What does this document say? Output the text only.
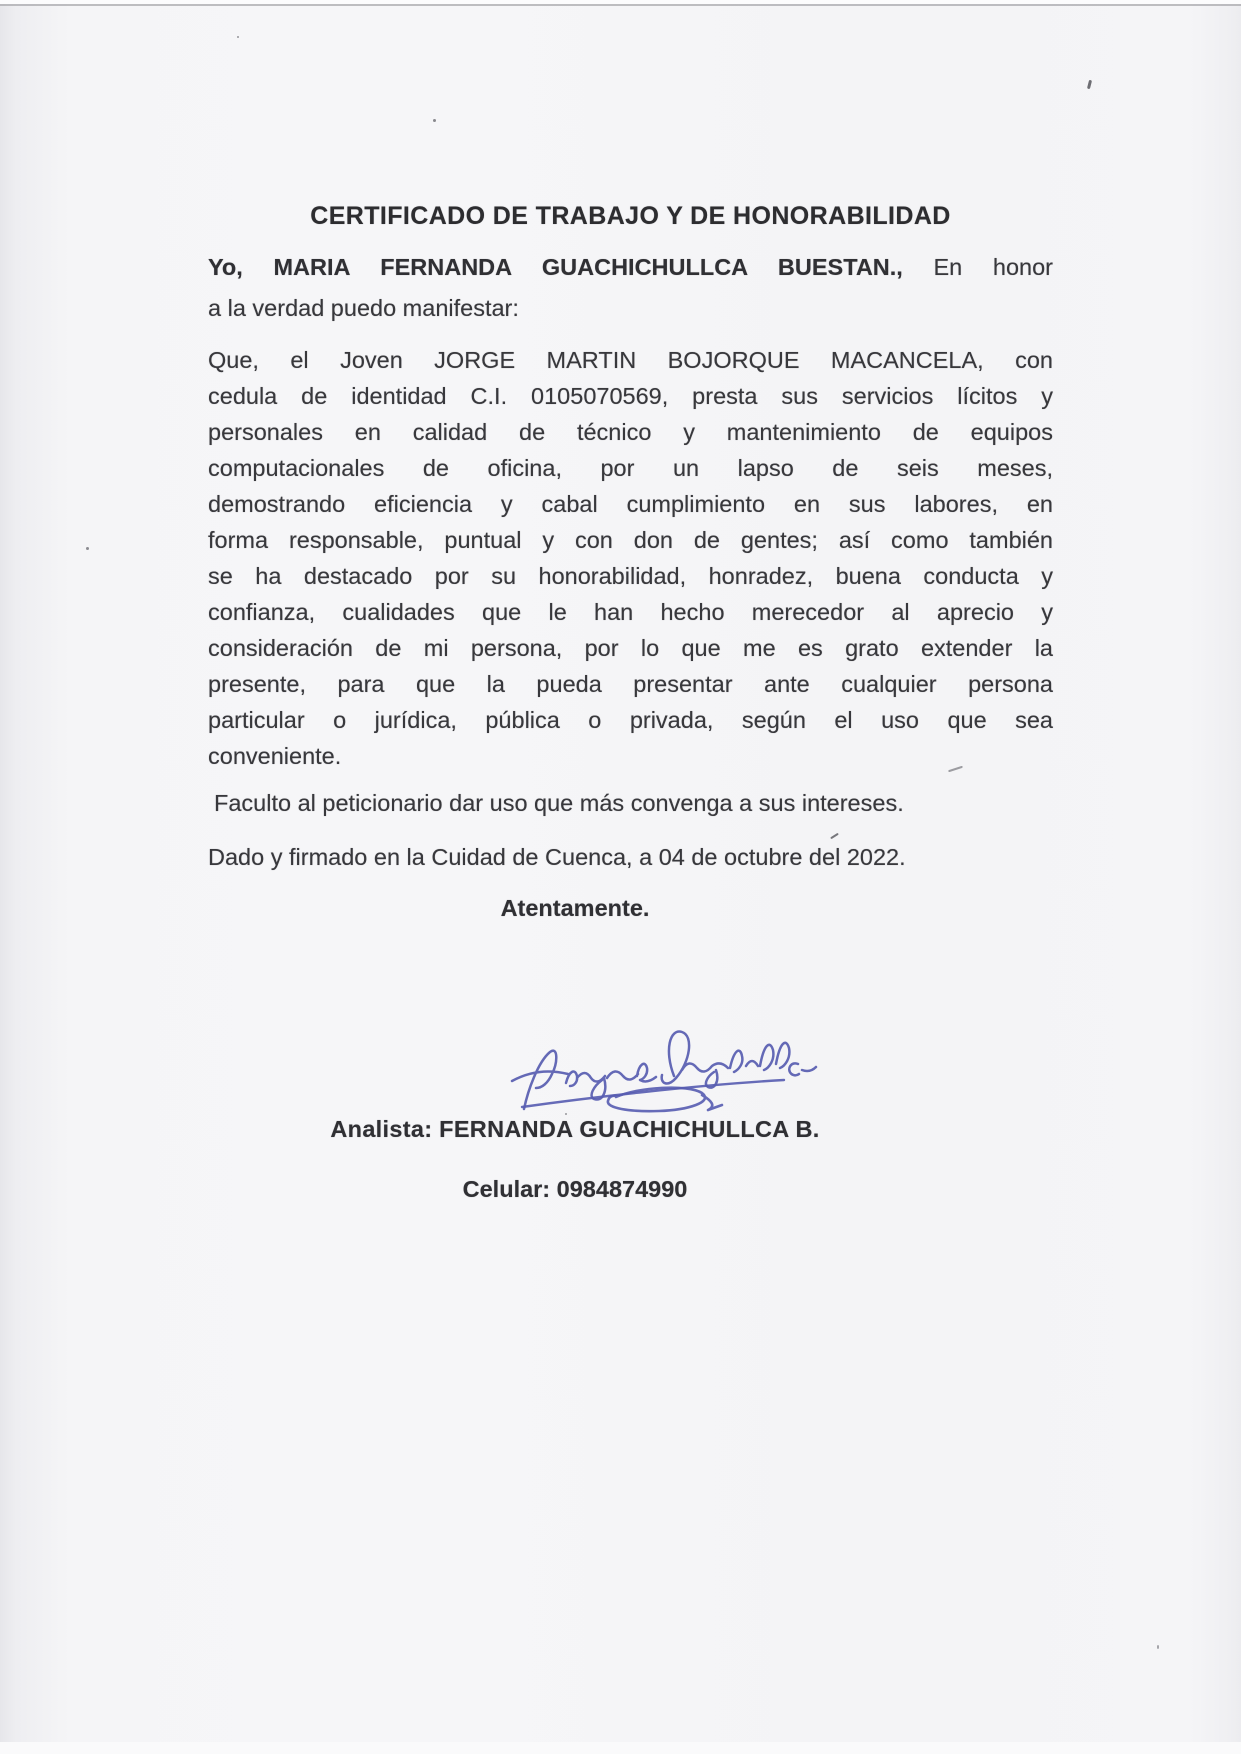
CERTIFICADO DE TRABAJO Y DE HONORABILIDAD
Yo, MARIA FERNANDA GUACHICHULLCA BUESTAN., En honor
a la verdad puedo manifestar:
Que, el Joven JORGE MARTIN BOJORQUE MACANCELA, con
cedula de identidad C.I. 0105070569, presta sus servicios lícitos y
personales en calidad de técnico y mantenimiento de equipos
computacionales de oficina, por un lapso de seis meses,
demostrando eficiencia y cabal cumplimiento en sus labores, en
forma responsable, puntual y con don de gentes; así como también
se ha destacado por su honorabilidad, honradez, buena conducta y
confianza, cualidades que le han hecho merecedor al aprecio y
consideración de mi persona, por lo que me es grato extender la
presente, para que la pueda presentar ante cualquier persona
particular o jurídica, pública o privada, según el uso que sea
conveniente.
Faculto al peticionario dar uso que más convenga a sus intereses.
Dado y firmado en la Cuidad de Cuenca, a 04 de octubre del 2022.
Atentamente.
Analista: FERNANDA GUACHICHULLCA B.
Celular: 0984874990
